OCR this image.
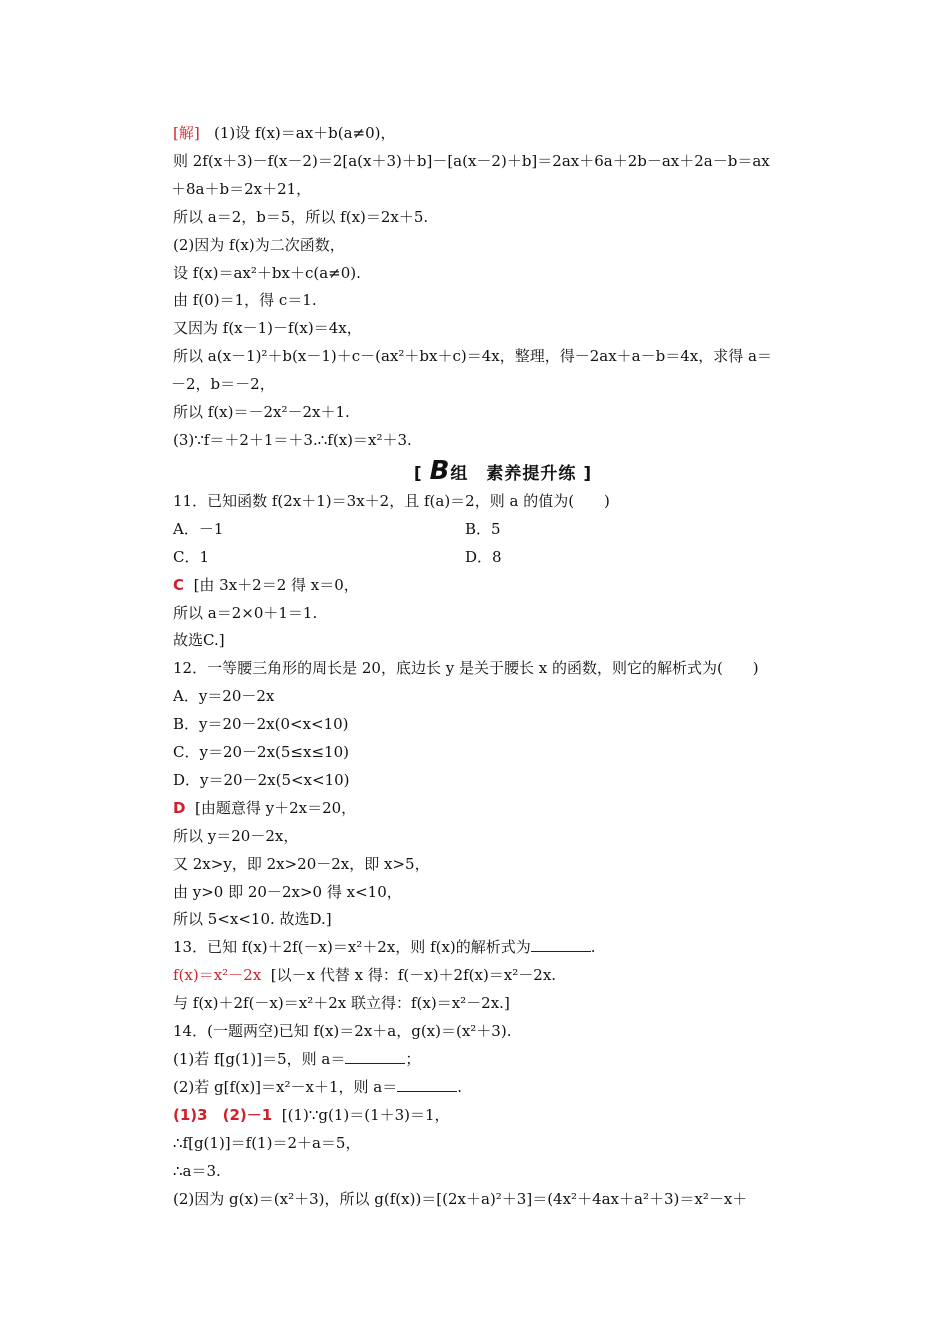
[解] (1)设 f(x)＝ax＋b(a≠0)，
则 2f(x＋3)－f(x－2)＝2[a(x＋3)＋b]－[a(x－2)＋b]＝2ax＋6a＋2b－ax＋2a－b＝ax
＋8a＋b＝2x＋21，
所以 a＝2，b＝5，所以 f(x)＝2x＋5.
(2)因为 f(x)为二次函数，
设 f(x)＝ax²＋bx＋c(a≠0).
由 f(0)＝1，得 c＝1.
又因为 f(x－1)－f(x)＝4x，
所以 a(x－1)²＋b(x－1)＋c－(ax²＋bx＋c)＝4x，整理，得－2ax＋a－b＝4x，求得 a＝
－2，b＝－2，
所以 f(x)＝－2x²－2x＋1.
(3)∵f＝＋2＋1＝＋3.∴f(x)＝x²＋3.
[ B组　素养提升练 ]
11．已知函数 f(2x＋1)＝3x＋2，且 f(a)＝2，则 a 的值为(　　)
A．－1	B．5
C．1	D．8
C [由 3x＋2＝2 得 x＝0，
所以 a＝2×0＋1＝1.
故选C.]
12．一等腰三角形的周长是 20，底边长 y 是关于腰长 x 的函数，则它的解析式为(　　)
A．y＝20－2x
B．y＝20－2x(0<x<10)
C．y＝20－2x(5≤x≤10)
D．y＝20－2x(5<x<10)
D [由题意得 y＋2x＝20，
所以 y＝20－2x，
又 2x>y，即 2x>20－2x，即 x>5，
由 y>0 即 20－2x>0 得 x<10，
所以 5<x<10. 故选D.]
13．已知 f(x)＋2f(－x)＝x²＋2x，则 f(x)的解析式为	.
f(x)＝x²－2x [以－x 代替 x 得：f(－x)＋2f(x)＝x²－2x.
与 f(x)＋2f(－x)＝x²＋2x 联立得：f(x)＝x²－2x.]
14．(一题两空)已知 f(x)＝2x＋a，g(x)＝(x²＋3).
(1)若 f[g(1)]＝5，则 a＝	；
(2)若 g[f(x)]＝x²－x＋1，则 a＝	.
(1)3　(2)－1 [(1)∵g(1)＝(1＋3)＝1，
∴f[g(1)]＝f(1)＝2＋a＝5，
∴a＝3.
(2)因为 g(x)＝(x²＋3)，所以 g(f(x))＝[(2x＋a)²＋3]＝(4x²＋4ax＋a²＋3)＝x²－x＋
